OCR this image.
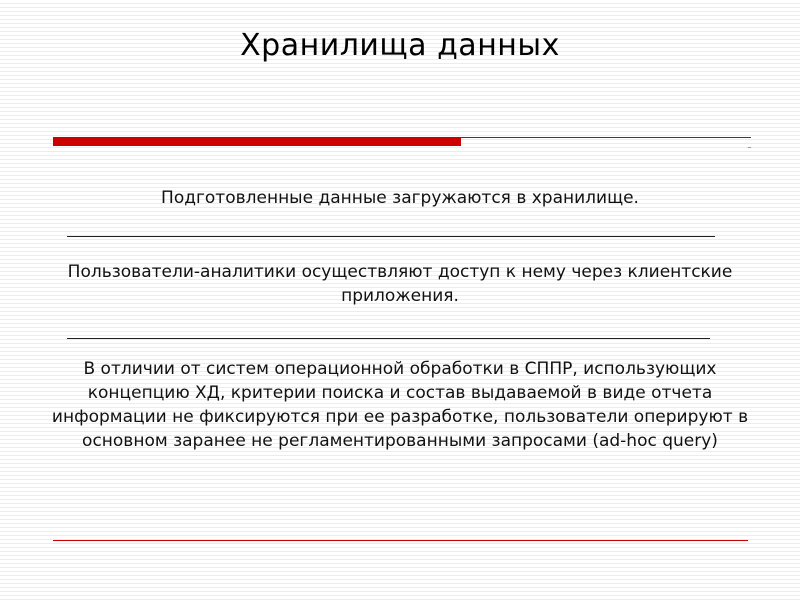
Хранилища данных
Подготовленные данные загружаются в хранилище.
Пользователи-аналитики осуществляют доступ к нему через клиентские приложения.
В отличии от систем операционной обработки в СППР, использующих концепцию ХД, критерии поиска и состав выдаваемой в виде отчета информации не фиксируются при ее разработке, пользователи оперируют в основном заранее не регламентированными запросами (ad-hoc query)
